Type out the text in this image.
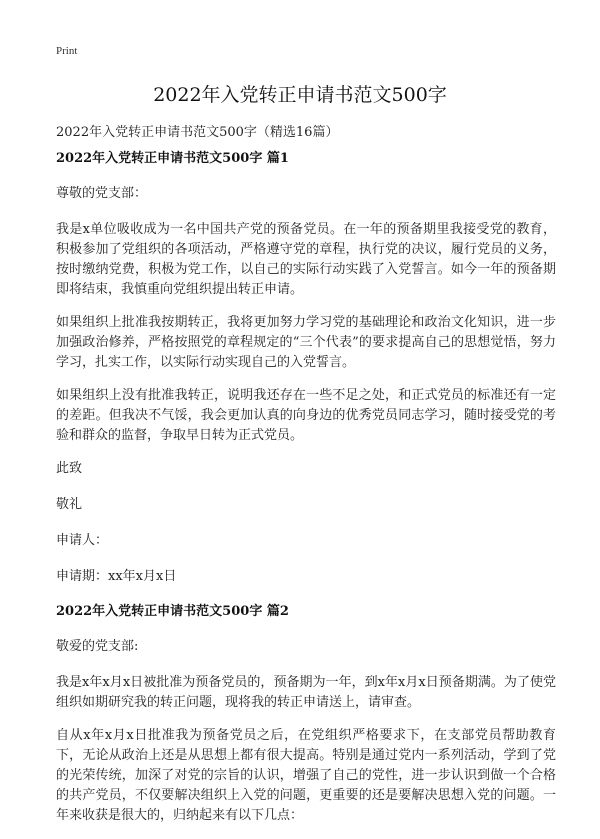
Print
2022年入党转正申请书范文500字

2022年入党转正申请书范文500字（精选16篇）

2022年入党转正申请书范文500字 篇1

尊敬的党支部：

我是x单位吸收成为一名中国共产党的预备党员。在一年的预备期里我接受党的教育，积极参加了党组织的各项活动，严格遵守党的章程，执行党的决议，履行党员的义务，按时缴纳党费，积极为党工作，以自己的实际行动实践了入党誓言。如今一年的预备期即将结束，我慎重向党组织提出转正申请。

如果组织上批准我按期转正，我将更加努力学习党的基础理论和政治文化知识，进一步加强政治修养，严格按照党的章程规定的“三个代表”的要求提高自己的思想觉悟，努力学习，扎实工作，以实际行动实现自己的入党誓言。

如果组织上没有批准我转正，说明我还存在一些不足之处，和正式党员的标准还有一定的差距。但我决不气馁，我会更加认真的向身边的优秀党员同志学习，随时接受党的考验和群众的监督，争取早日转为正式党员。

此致

敬礼

申请人：

申请期：xx年x月x日

2022年入党转正申请书范文500字 篇2

敬爱的党支部:

我是x年x月x日被批准为预备党员的，预备期为一年，到x年x月x日预备期满。为了使党组织如期研究我的转正问题，现将我的转正申请送上，请审查。

自从x年x月x日批准我为预备党员之后，在党组织严格要求下，在支部党员帮助教育下，无论从政治上还是从思想上都有很大提高。特别是通过党内一系列活动，学到了党的光荣传统，加深了对党的宗旨的认识，增强了自己的党性，进一步认识到做一个合格的共产党员，不仅要解决组织上入党的问题，更重要的还是要解决思想入党的问题。一年来收获是很大的，归纳起来有以下几点：
